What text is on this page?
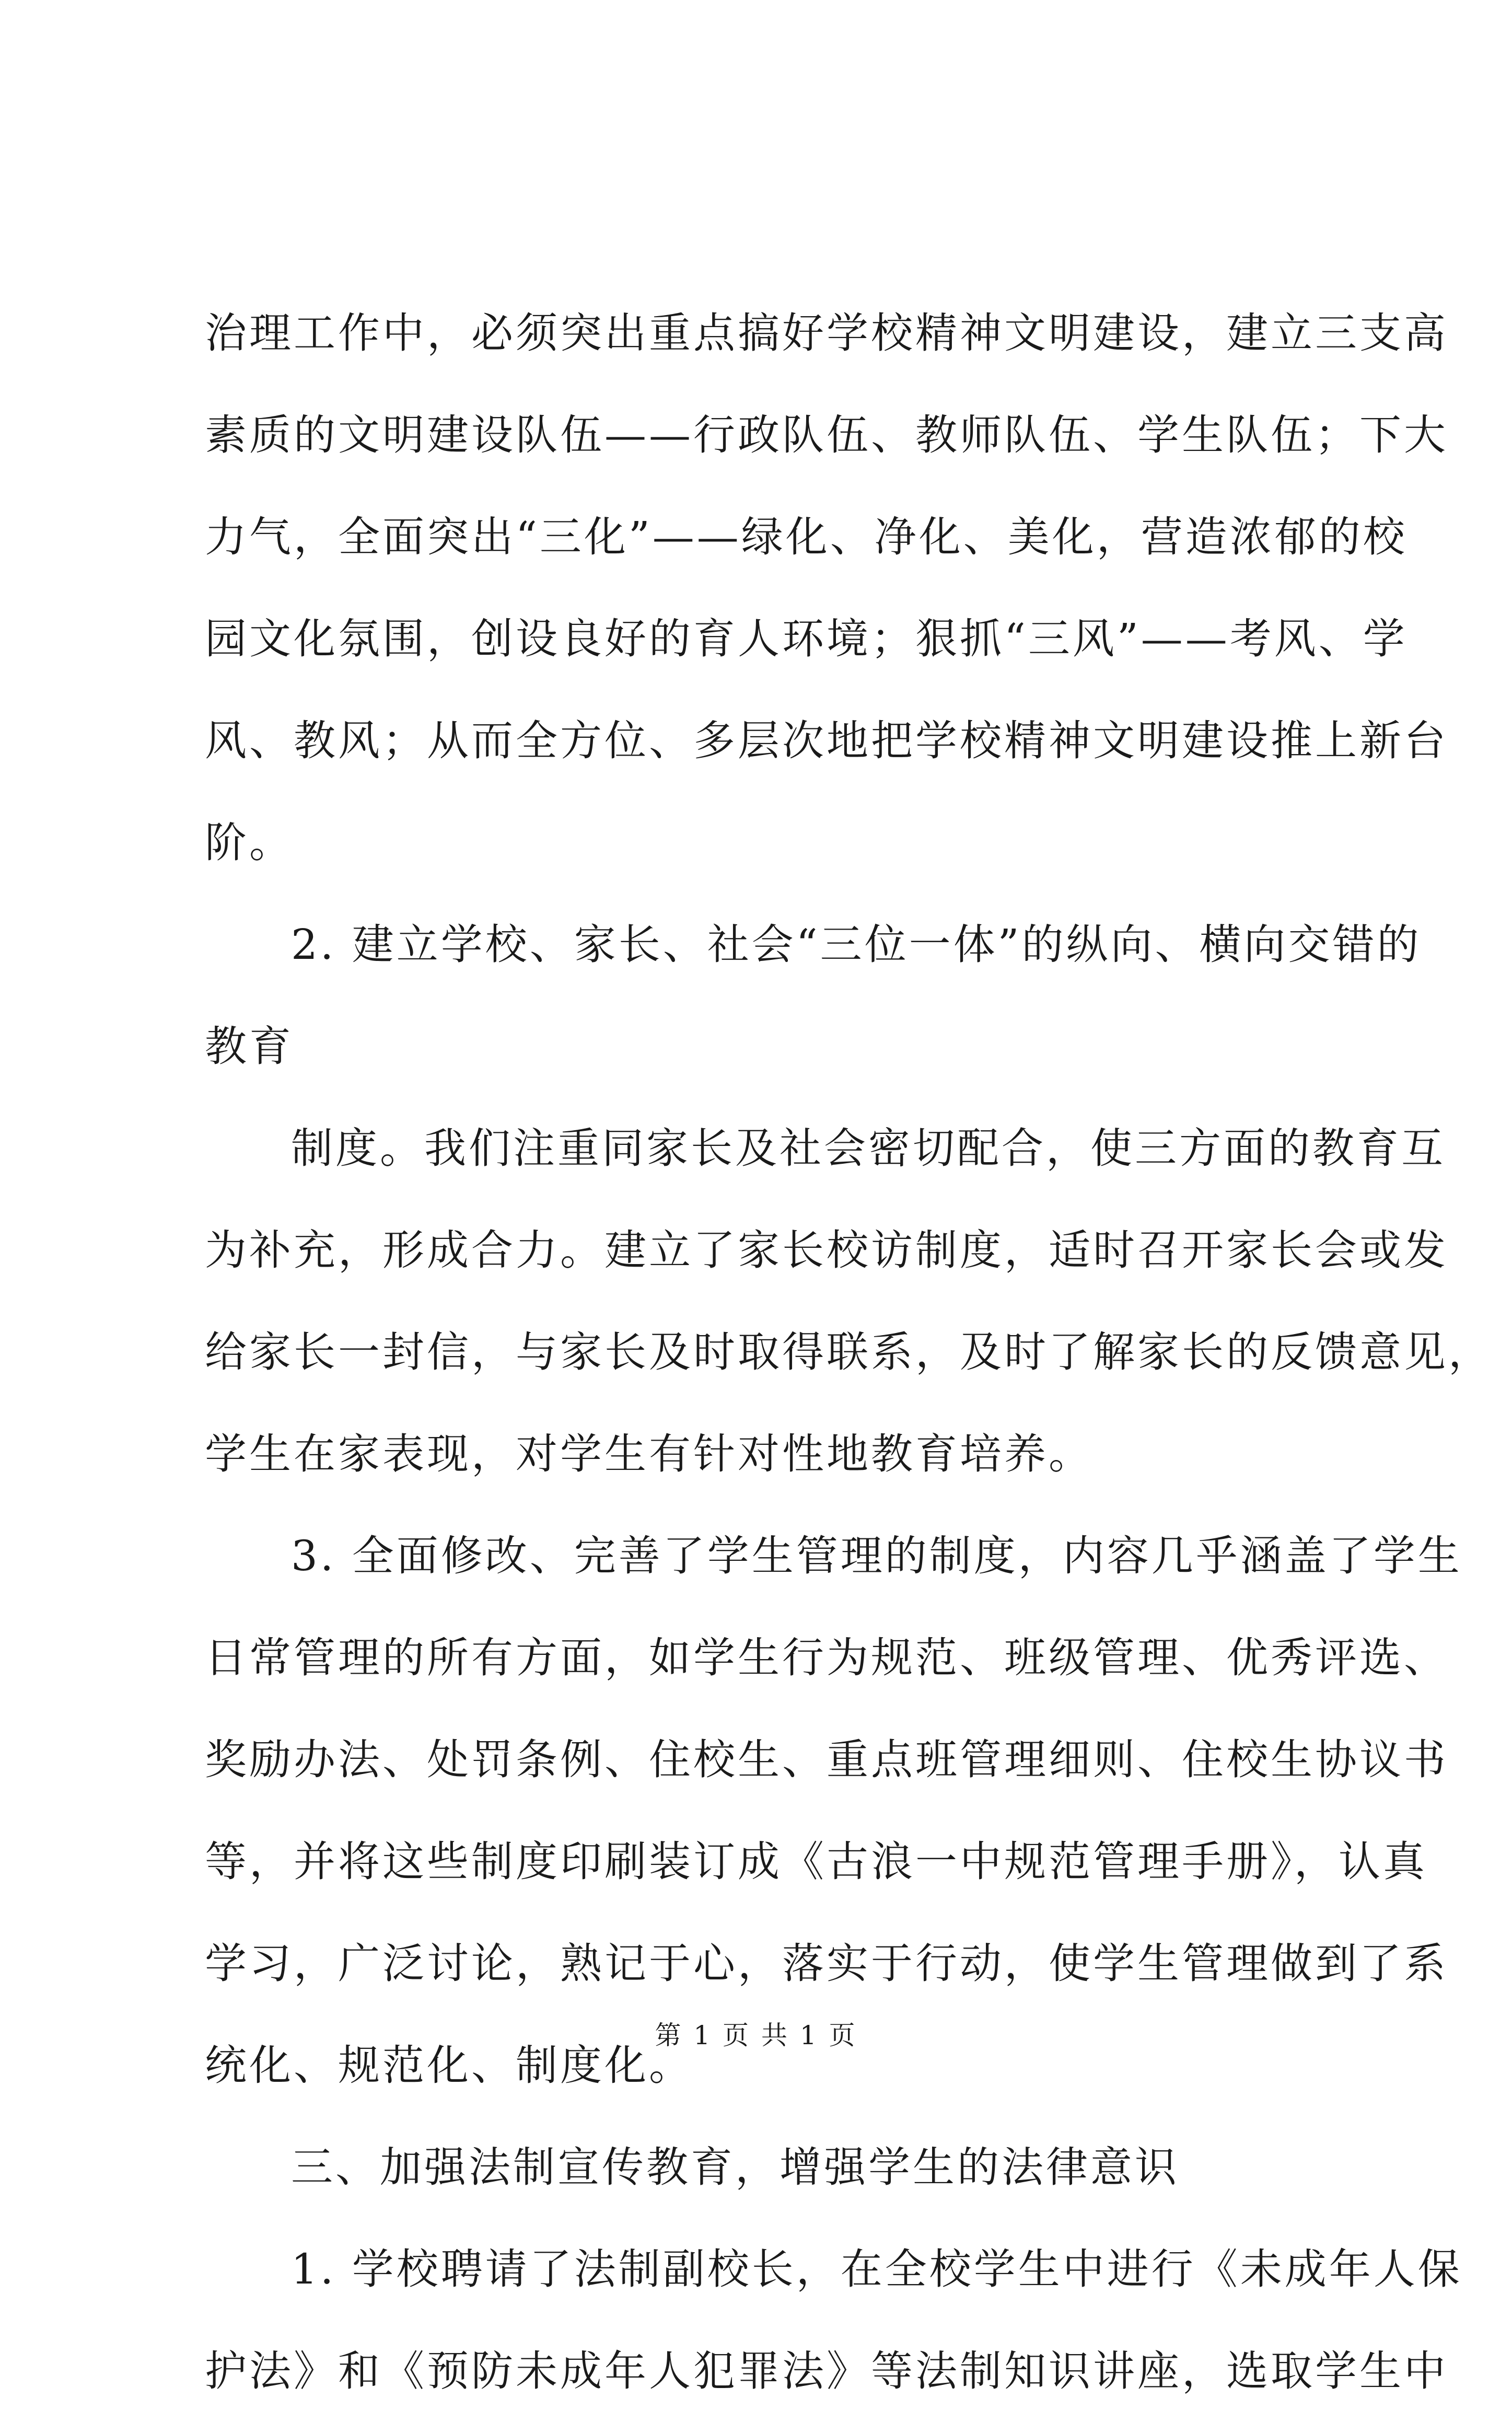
治理工作中，必须突出重点搞好学校精神文明建设，建立三支高
素质的文明建设队伍——行政队伍、教师队伍、学生队伍；下大
力气，全面突出“三化”——绿化、净化、美化，营造浓郁的校
园文化氛围，创设良好的育人环境；狠抓“三风”——考风、学
风、教风；从而全方位、多层次地把学校精神文明建设推上新台
阶。
2. 建立学校、家长、社会“三位一体”的纵向、横向交错的
教育
制度。我们注重同家长及社会密切配合，使三方面的教育互
为补充，形成合力。建立了家长校访制度，适时召开家长会或发
给家长一封信，与家长及时取得联系，及时了解家长的反馈意见，
学生在家表现，对学生有针对性地教育培养。
3. 全面修改、完善了学生管理的制度，内容几乎涵盖了学生
日常管理的所有方面，如学生行为规范、班级管理、优秀评选、
奖励办法、处罚条例、住校生、重点班管理细则、住校生协议书
等，并将这些制度印刷装订成《古浪一中规范管理手册》，认真
学习，广泛讨论，熟记于心，落实于行动，使学生管理做到了系
统化、规范化、制度化。
三、加强法制宣传教育，增强学生的法律意识
1. 学校聘请了法制副校长，在全校学生中进行《未成年人保
护法》和《预防未成年人犯罪法》等法制知识讲座，选取学生中
第 1 页 共 1 页
